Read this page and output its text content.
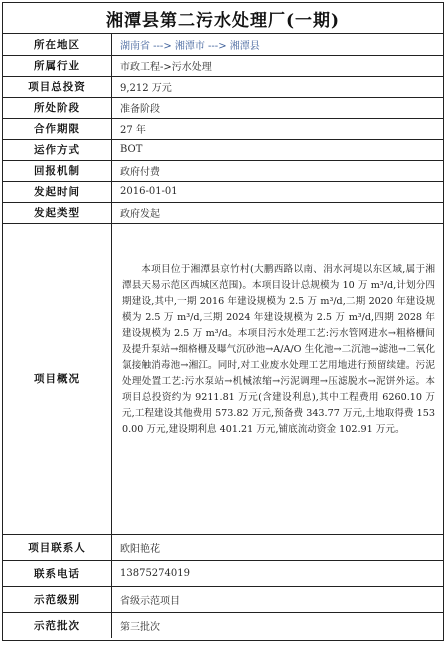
湘潭县第二污水处理厂(一期)
所在地区	湖南省 ---> 湘潭市 ---> 湘潭县
所属行业	市政工程->污水处理
项目总投资	9,212 万元
所处阶段	准备阶段
合作期限	27 年
运作方式	BOT
回报机制	政府付费
发起时间	2016-01-01
发起类型	政府发起
项目概况	本项目位于湘潭县京竹村(大鹏西路以南、涓水河堤以东区域,属于湘潭县天易示范区西城区范围)。本项目设计总规模为 10 万 m³/d,计划分四期建设,其中,一期 2016 年建设规模为 2.5 万 m³/d,二期 2020 年建设规模为 2.5 万 m³/d,三期 2024 年建设规模为 2.5 万 m³/d,四期 2028 年建设规模为 2.5 万 m³/d。本项目污水处理工艺:污水管网进水→粗格栅间及提升泵站→细格栅及曝气沉砂池→A/A/O 生化池→二沉池→滤池→二氧化氯接触消毒池→湘江。同时,对工业废水处理工艺用地进行预留续建。污泥处理处置工艺:污水泵站→机械浓缩→污泥调理→压滤脱水→泥饼外运。本项目总投资约为 9211.81 万元(含建设利息),其中工程费用 6260.10 万元,工程建设其他费用 573.82 万元,预备费 343.77 万元,土地取得费 1530.00 万元,建设期利息 401.21 万元,铺底流动资金 102.91 万元。

项目联系人	欧阳艳花
联系电话	13875274019
示范级别	省级示范项目
示范批次	第三批次
